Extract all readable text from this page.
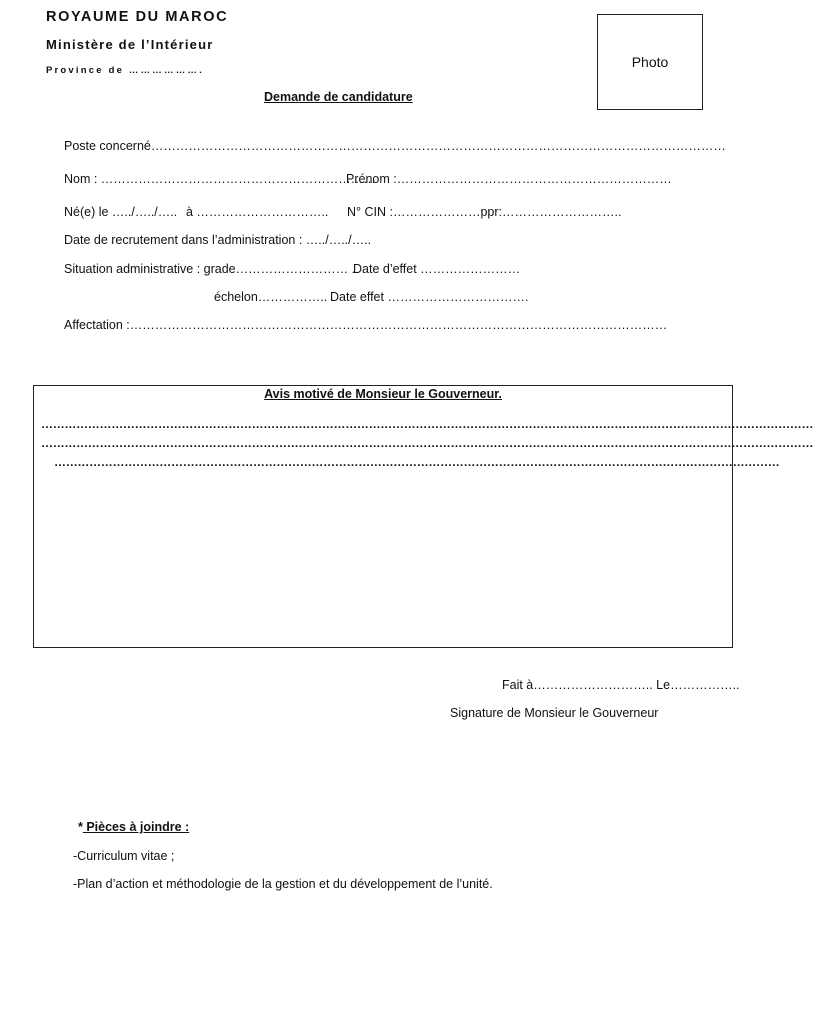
ROYAUME DU MAROC
Ministère de l’Intérieur
Province de ……………….
Photo
Demande de candidature
Poste concerné…………………………………………………………………………………………………………………………
Nom : …………………………………………………………
Prénom :…………………………………………………………
Né(e) le …../…../….. à ………………………….. N° CIN :…………………ppr:………………………..
Date de recrutement dans l’administration : …../…../…..
Situation administrative : grade……………………… .
Date d’effet ……………………
échelon…………….. Date effet …………………………….
Affectation :…………………………………………………………………………………………………………………
Avis motivé de Monsieur le Gouverneur.
………………………………………………………………………………………………………………………………………………………………………………
………………………………………………………………………………………………………………………………………………………………………………
……………………………………………………………………………………………………………………………………………………………………
Fait à……………………….. Le……………..
Signature de Monsieur le Gouverneur
* Pièces à joindre :
-Curriculum vitae ;
-Plan d’action et méthodologie de la gestion et du développement de l’unité.
